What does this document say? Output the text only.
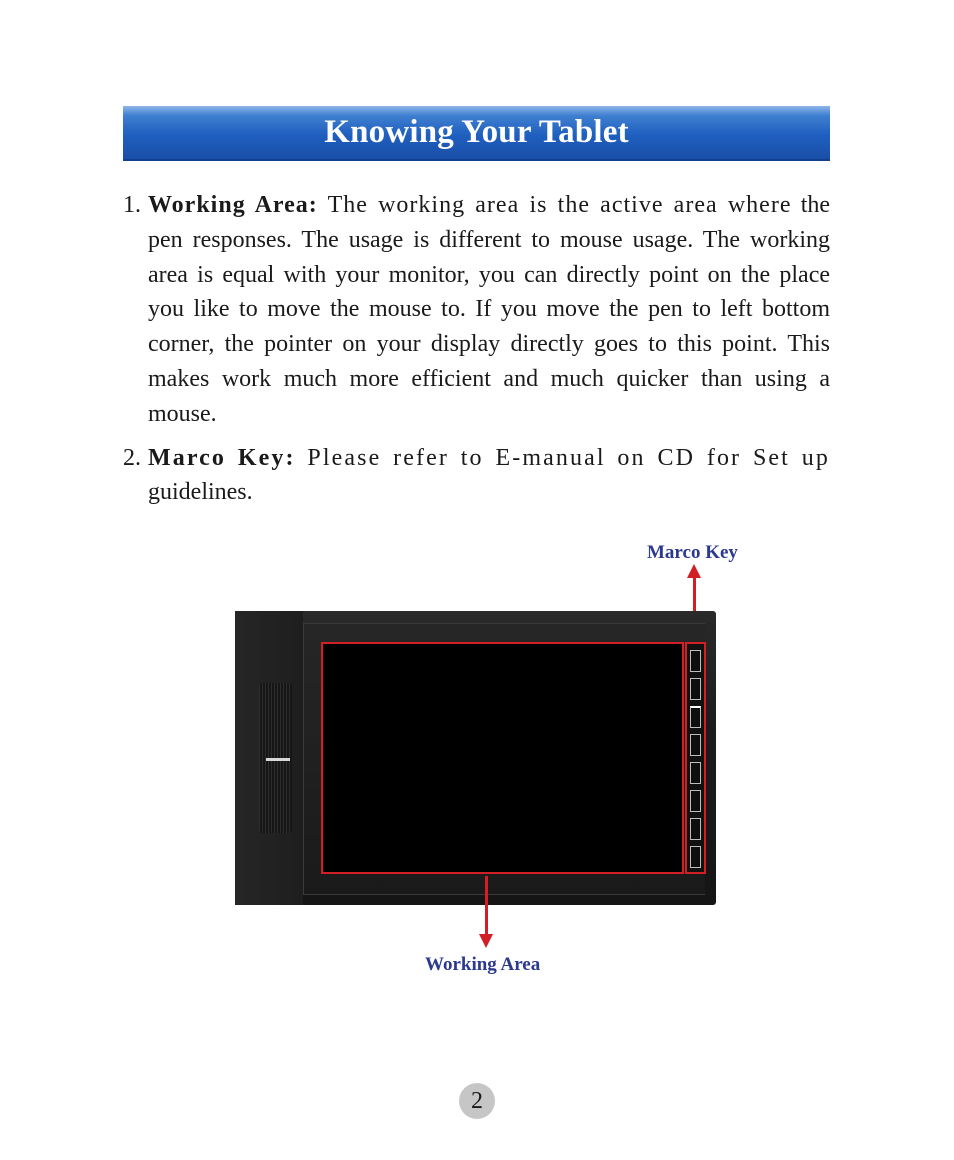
Knowing Your Tablet
1. Working Area: The working area is the active area where the pen responses. The usage is different to mouse usage. The working area is equal with your monitor, you can directly point on the place you like to move the mouse to. If you move the pen to left bottom corner, the pointer on your display directly goes to this point. This makes work much more efficient and much quicker than using a mouse.
2. Marco Key: Please refer to E-manual on CD for Set up guidelines.
Marco Key
Working Area
2
